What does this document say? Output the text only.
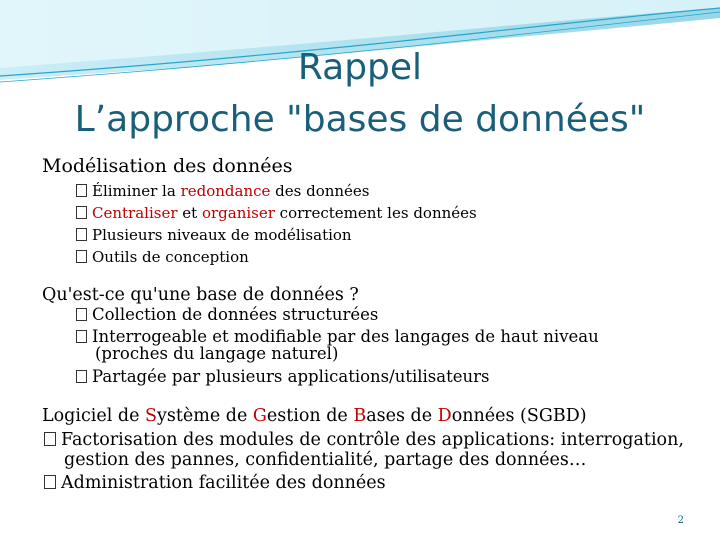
Rappel
L’approche "bases de données"
Modélisation des données
Éliminer la redondance des données
Centraliser et organiser correctement les données
Plusieurs niveaux de modélisation
Outils de conception
Qu'est-ce qu'une base de données ?
Collection de données structurées
Interrogeable et modifiable par des langages de haut niveau
(proches du langage naturel)
Partagée par plusieurs applications/utilisateurs
Logiciel de Système de Gestion de Bases de Données (SGBD)
Factorisation des modules de contrôle des applications: interrogation,
gestion des pannes, confidentialité, partage des données…
Administration facilitée des données
2
